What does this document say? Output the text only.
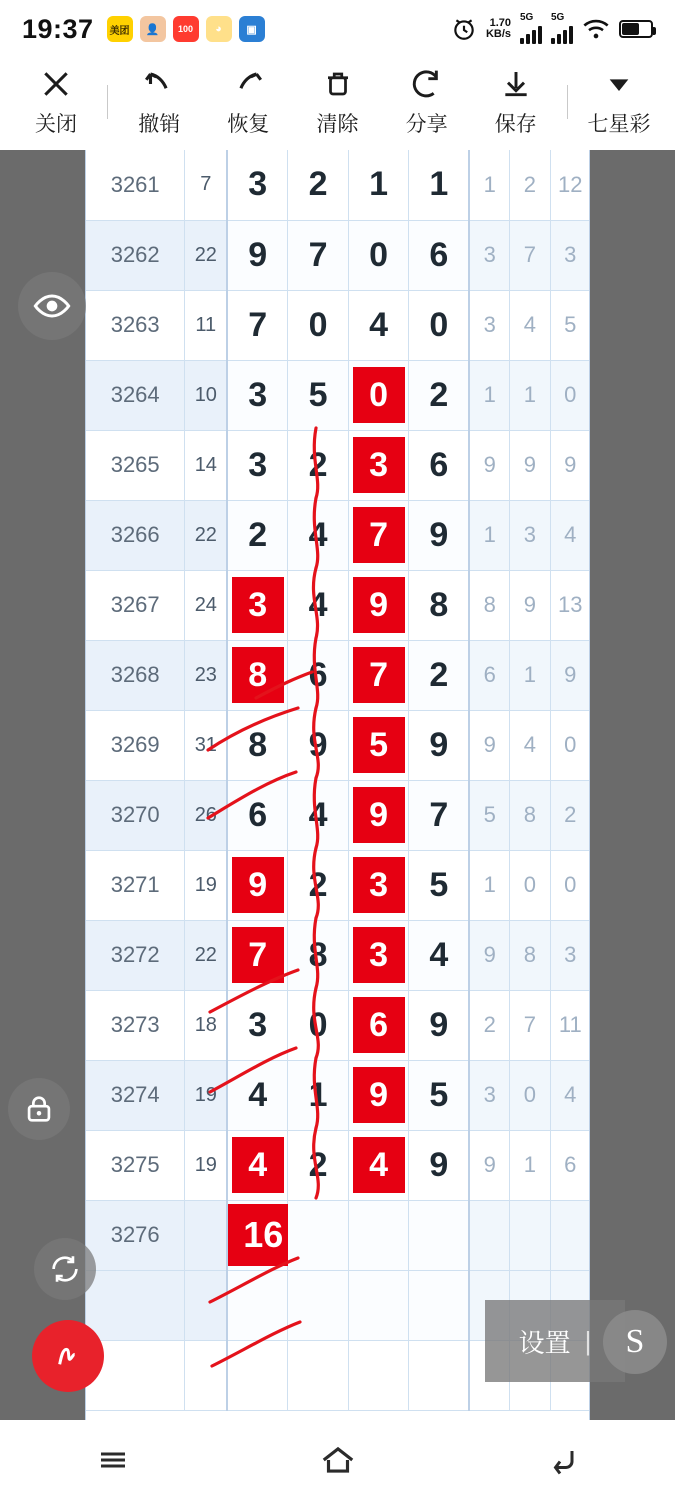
19:37	美团	👤	100	◕	▣
1.70
KB/s
5G 5G
关闭	撤销 恢复 清除 分享 保存 七星彩
3261	7	3	2	1	1	1	2	12
3262	22	9	7	0	6	3	7	3
3263	11	7	0	4	0	3	4	5
3264	10	3	5	0	2	1	1	0
3265	14	3	2	3	6	9	9	9
3266	22	2	4	7	9	1	3	4
3267	24	3	4	9	8	8	9	13
3268	23	8	6	7	2	6	1	9
3269	31	8	9	5	9	9	4	0
3270	26	6	4	9	7	5	8	2
3271	19	9	2	3	5	1	0	0
3272	22	7	8	3	4	9	8	3
3273	18	3	0	6	9	2	7	11
3274	19	4	1	9	5	3	0	4
3275	19	4	2	4	9	9	1	6
3276		16						

设置 | S
